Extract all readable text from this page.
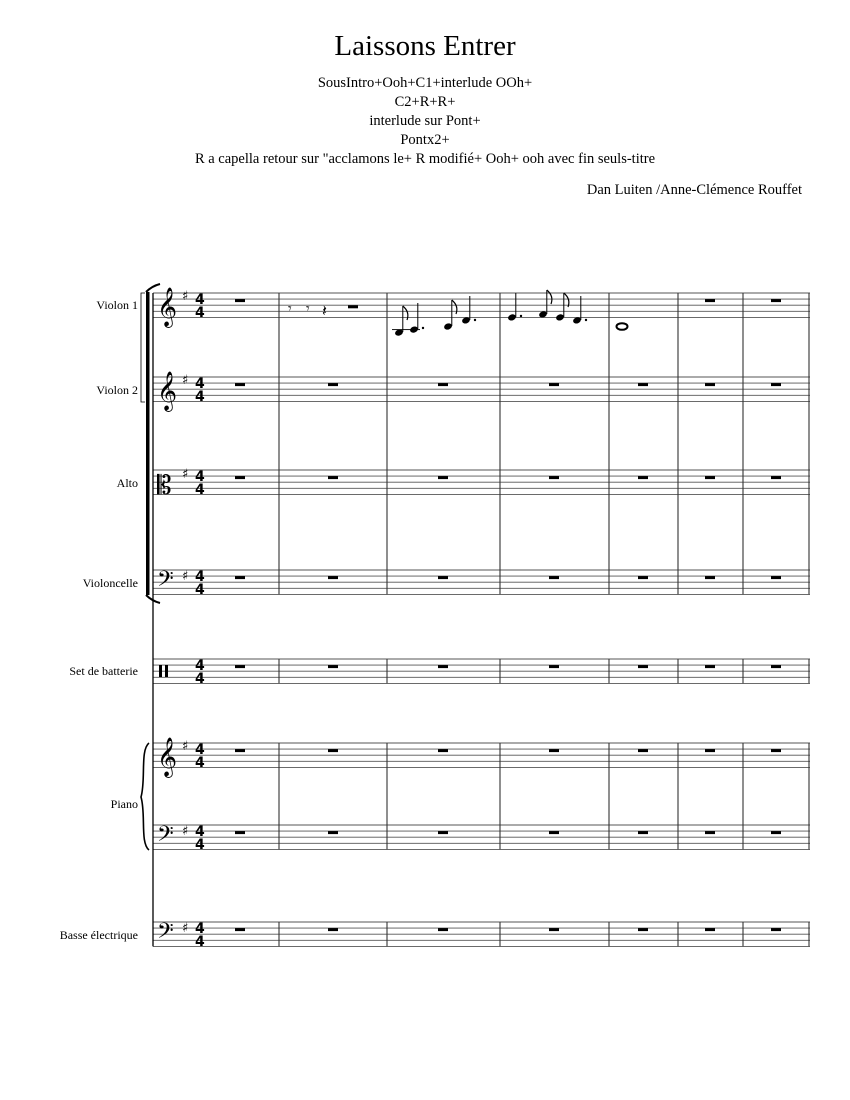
Laissons Entrer
SousIntro+Ooh+C1+interlude OOh+
C2+R+R+
interlude sur Pont+
Pontx2+
R a capella retour sur "acclamons le+ R modifié+ Ooh+ ooh avec fin seuls-titre
Dan Luiten /Anne-Clémence Rouffet
Violon 1
Violon 2
Alto
Violoncelle
Set de batterie
Piano
Basse électrique
4
4
𝄞
𝄞
𝄞
𝄡
𝄢
𝄢
𝄢
♯
♯
♯
♯
♯
♯
♯
𝄾 𝄾 𝄽
